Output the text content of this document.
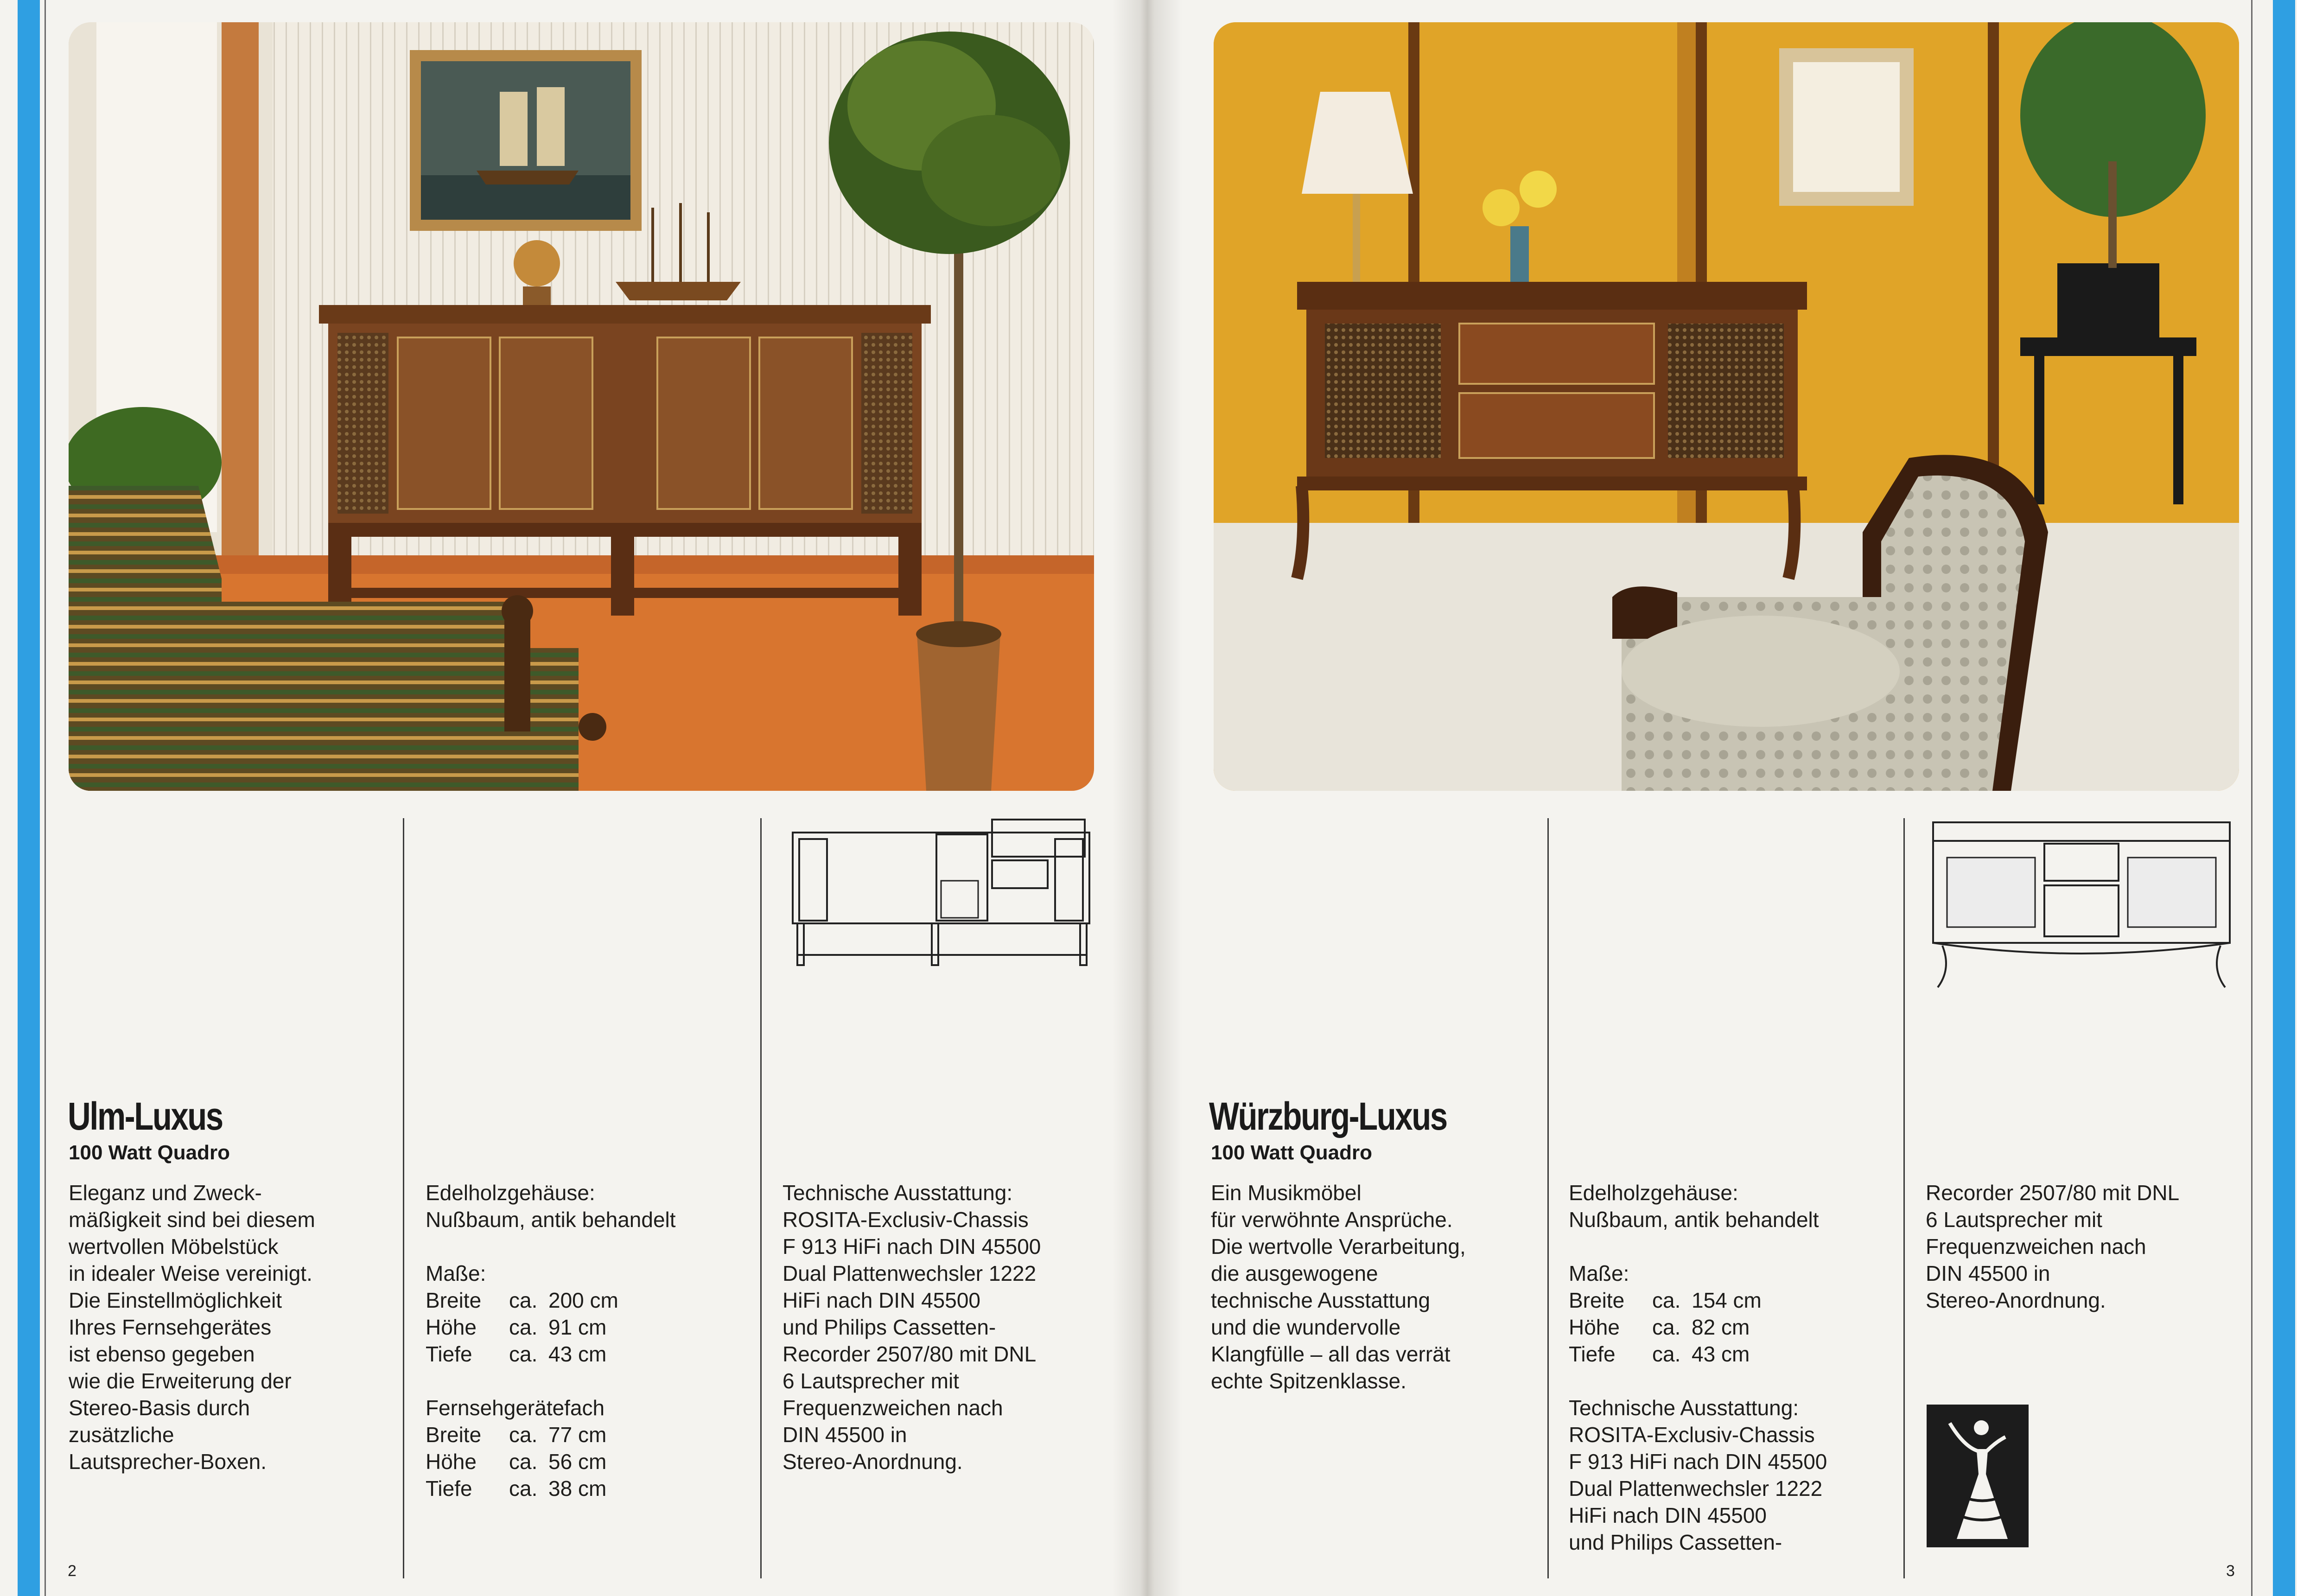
Ulm-Luxus
100 Watt Quadro
Eleganz und Zweck-
mäßigkeit sind bei diesem
wertvollen Möbelstück
in idealer Weise vereinigt.
Die Einstellmöglichkeit
Ihres Fernsehgerätes
ist ebenso gegeben
wie die Erweiterung der
Stereo-Basis durch
zusätzliche
Lautsprecher-Boxen.
Edelholzgehäuse:
Nußbaum, antik behandelt
Maße:
Breite	ca. 200 cm
Höhe	ca. 91 cm
Tiefe	ca. 43 cm
Fernsehgerätefach
Breite	ca. 77 cm
Höhe	ca. 56 cm
Tiefe	ca. 38 cm
Technische Ausstattung:
ROSITA-Exclusiv-Chassis
F 913 HiFi nach DIN 45500
Dual Plattenwechsler 1222
HiFi nach DIN 45500
und Philips Cassetten-
Recorder 2507/80 mit DNL
6 Lautsprecher mit
Frequenzweichen nach
DIN 45500 in
Stereo-Anordnung.
2
Würzburg-Luxus
100 Watt Quadro
Ein Musikmöbel
für verwöhnte Ansprüche.
Die wertvolle Verarbeitung,
die ausgewogene
technische Ausstattung
und die wundervolle
Klangfülle – all das verrät
echte Spitzenklasse.
Edelholzgehäuse:
Nußbaum, antik behandelt
Maße:
Breite	ca. 154 cm
Höhe	ca. 82 cm
Tiefe	ca. 43 cm
Technische Ausstattung:
ROSITA-Exclusiv-Chassis
F 913 HiFi nach DIN 45500
Dual Plattenwechsler 1222
HiFi nach DIN 45500
und Philips Cassetten-
Recorder 2507/80 mit DNL
6 Lautsprecher mit
Frequenzweichen nach
DIN 45500 in
Stereo-Anordnung.
3
